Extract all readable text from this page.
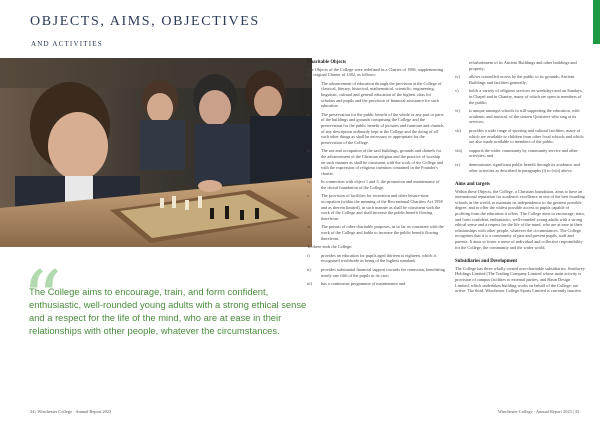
OBJECTS, AIMS, OBJECTIVES
AND ACTIVITIES
“
The College aims to encourage, train, and form confident, enthusiastic, well-rounded young adults with a strong ethical sense and a respect for the life of the mind, who are at ease in their relationships with other people, whatever the circumstances.
34 | Winchester College · Annual Report 2023
Charitable Objects
The Objects of the College were redefined in a Charter of 1986, supplementing the original Charter of 1382, as follows:
i.	The advancement of education through the provision at the College of classical, literary, historical, mathematical, scientific, engineering, linguistic, cultural and general education of the highest class for scholars and pupils and the provision of financial assistance for such education
ii. The preservation for the public benefit of the whole or any part or parts of the buildings and grounds comprising the College and the preservation for the public benefit of pictures and furniture and chattels of any description ordinarily kept at the College and the doing of all such other things as shall be necessary or appropriate for the preservation of the College.
iii. The use and occupation of the said buildings, grounds and chattels for the advancement of the Christian religion and the practice of worship on such manner as shall be consistent with the work of the College and with the expression of religious intention contained in the Founder's charter.
iv. In connection with object 1 and 3, the promotion and maintenance of the choral foundation of the College.
v.	The provision of facilities for recreation and other leisure-time occupation (within the meaning of the Recreational Charities Act 1958 and as therein limited), in such manner as shall be consistent with the work of the College and shall increase the public benefit flowing therefrom.
vi. The pursuit of other charitable purposes, in so far as consistent with the work of the College and liable to increase the public benefit flowing therefrom.
To these ends the College:
i)	provides an education for pupils aged thirteen to eighteen, which is recognised worldwide as being of the highest standard;
ii) provides substantial financial support towards fee remission, benefitting nearly one fifth of the pupils in its care;
iii) has a continuous programme of maintenance and
refurbishment of its Ancient Buildings and other buildings and property;
iv) allows controlled access by the public to its grounds, Ancient Buildings and facilities generally;
v) holds a variety of religious services on weekdays and on Sundays, in Chapel and in Chantry, many of which are open to members of the public;
vi) is unique amongst schools in still supporting the education, with academic and musical, of the sixteen Quiristers who sing at its services;
vii) provides a wide range of sporting and cultural facilities, many of which are available to children from other local schools and which are also made available to members of the public.
viii) supports the wider community by community service and other activities; and
ix) demonstrates significant public benefit through its academic and other activities as described in paragraphs (i) to (viii) above.
Aims and targets
Within these Objects, the College, a Christian foundation, aims to have an international reputation for academic excellence in one of the best boarding schools in the world, to maintain its independence to the greatest possible degree, and to offer the widest possible access to pupils capable of profiting from the education it offers. The College aims to encourage, train, and form confident, enthusiastic, well-rounded young adults with a strong ethical sense and a respect for the life of the mind, who are at ease in their relationships with other people, whatever the circumstances. The College recognises that it is a community of past and present pupils, staff and parents. It aims to foster a sense of individual and collective responsibility for the College, the community and the wider world.
Subsidiaries and Development
The College has three wholly owned non-charitable subsidiaries: Southwey Holdings Limited (The Trading Company Limited whose main activity is provision of campus facilities to external parties, and Basin Design Limited, which undertakes building works on behalf of the College; are active. The third, Winchester College Sports Limited is currently inactive.
Winchester College · Annual Report 2023 | 35
